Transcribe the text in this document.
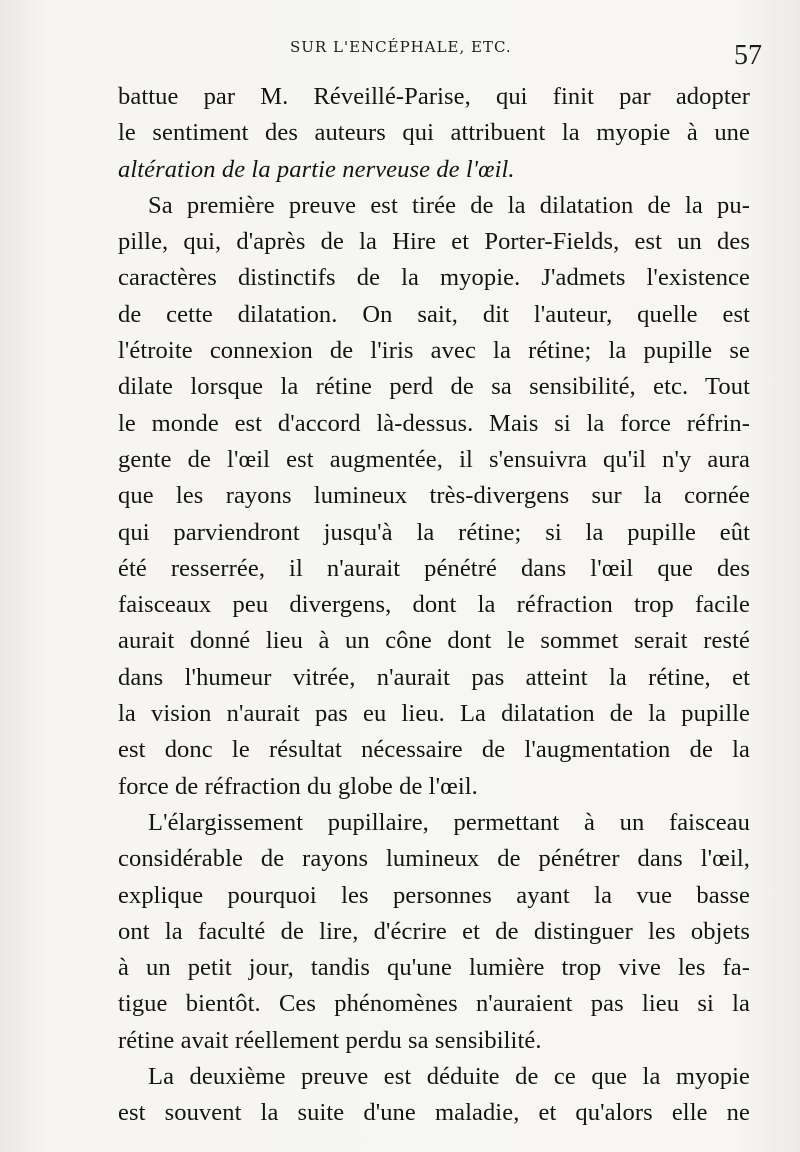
SUR L'ENCÉPHALE, ETC.	57
battue par M. Réveillé-Parise, qui finit par adopter
le sentiment des auteurs qui attribuent la myopie à une
altération de la partie nerveuse de l'œil.
Sa première preuve est tirée de la dilatation de la pu-
pille, qui, d'après de la Hire et Porter-Fields, est un des
caractères distinctifs de la myopie. J'admets l'existence
de cette dilatation. On sait, dit l'auteur, quelle est
l'étroite connexion de l'iris avec la rétine; la pupille se
dilate lorsque la rétine perd de sa sensibilité, etc. Tout
le monde est d'accord là-dessus. Mais si la force réfrin-
gente de l'œil est augmentée, il s'ensuivra qu'il n'y aura
que les rayons lumineux très-divergens sur la cornée
qui parviendront jusqu'à la rétine; si la pupille eût
été resserrée, il n'aurait pénétré dans l'œil que des
faisceaux peu divergens, dont la réfraction trop facile
aurait donné lieu à un cône dont le sommet serait resté
dans l'humeur vitrée, n'aurait pas atteint la rétine, et
la vision n'aurait pas eu lieu. La dilatation de la pupille
est donc le résultat nécessaire de l'augmentation de la
force de réfraction du globe de l'œil.
L'élargissement pupillaire, permettant à un faisceau
considérable de rayons lumineux de pénétrer dans l'œil,
explique pourquoi les personnes ayant la vue basse
ont la faculté de lire, d'écrire et de distinguer les objets
à un petit jour, tandis qu'une lumière trop vive les fa-
tigue bientôt. Ces phénomènes n'auraient pas lieu si la
rétine avait réellement perdu sa sensibilité.
La deuxième preuve est déduite de ce que la myopie
est souvent la suite d'une maladie, et qu'alors elle ne
